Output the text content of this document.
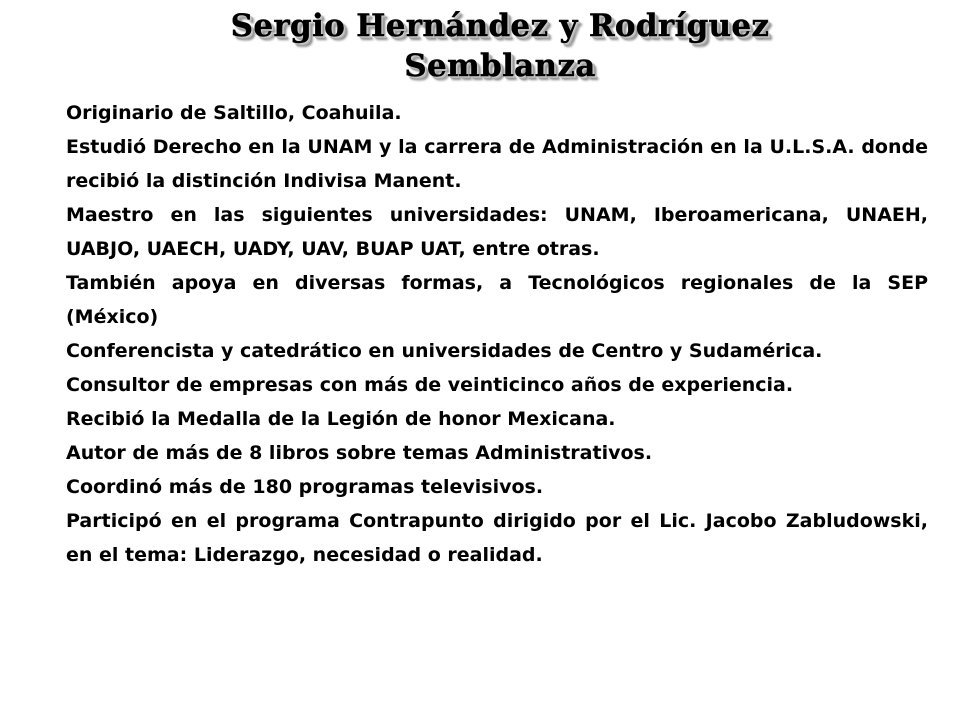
Sergio Hernández y Rodríguez
Semblanza

Originario de Saltillo, Coahuila.

Estudió Derecho en la UNAM y la carrera de Administración en la U.L.S.A. donde recibió la distinción Indivisa Manent.

Maestro en las siguientes universidades: UNAM, Iberoamericana, UNAEH, UABJO, UAECH, UADY, UAV, BUAP UAT, entre otras.

También apoya en diversas formas, a Tecnológicos regionales de la SEP (México)

Conferencista y catedrático en universidades de Centro y Sudamérica.

Consultor de empresas con más de veinticinco años de experiencia.

Recibió la Medalla de la Legión de honor Mexicana.

Autor de más de 8 libros sobre temas Administrativos.

Coordinó más de 180 programas televisivos.

Participó en el programa Contrapunto dirigido por el Lic. Jacobo Zabludowski, en el tema: Liderazgo, necesidad o realidad.
